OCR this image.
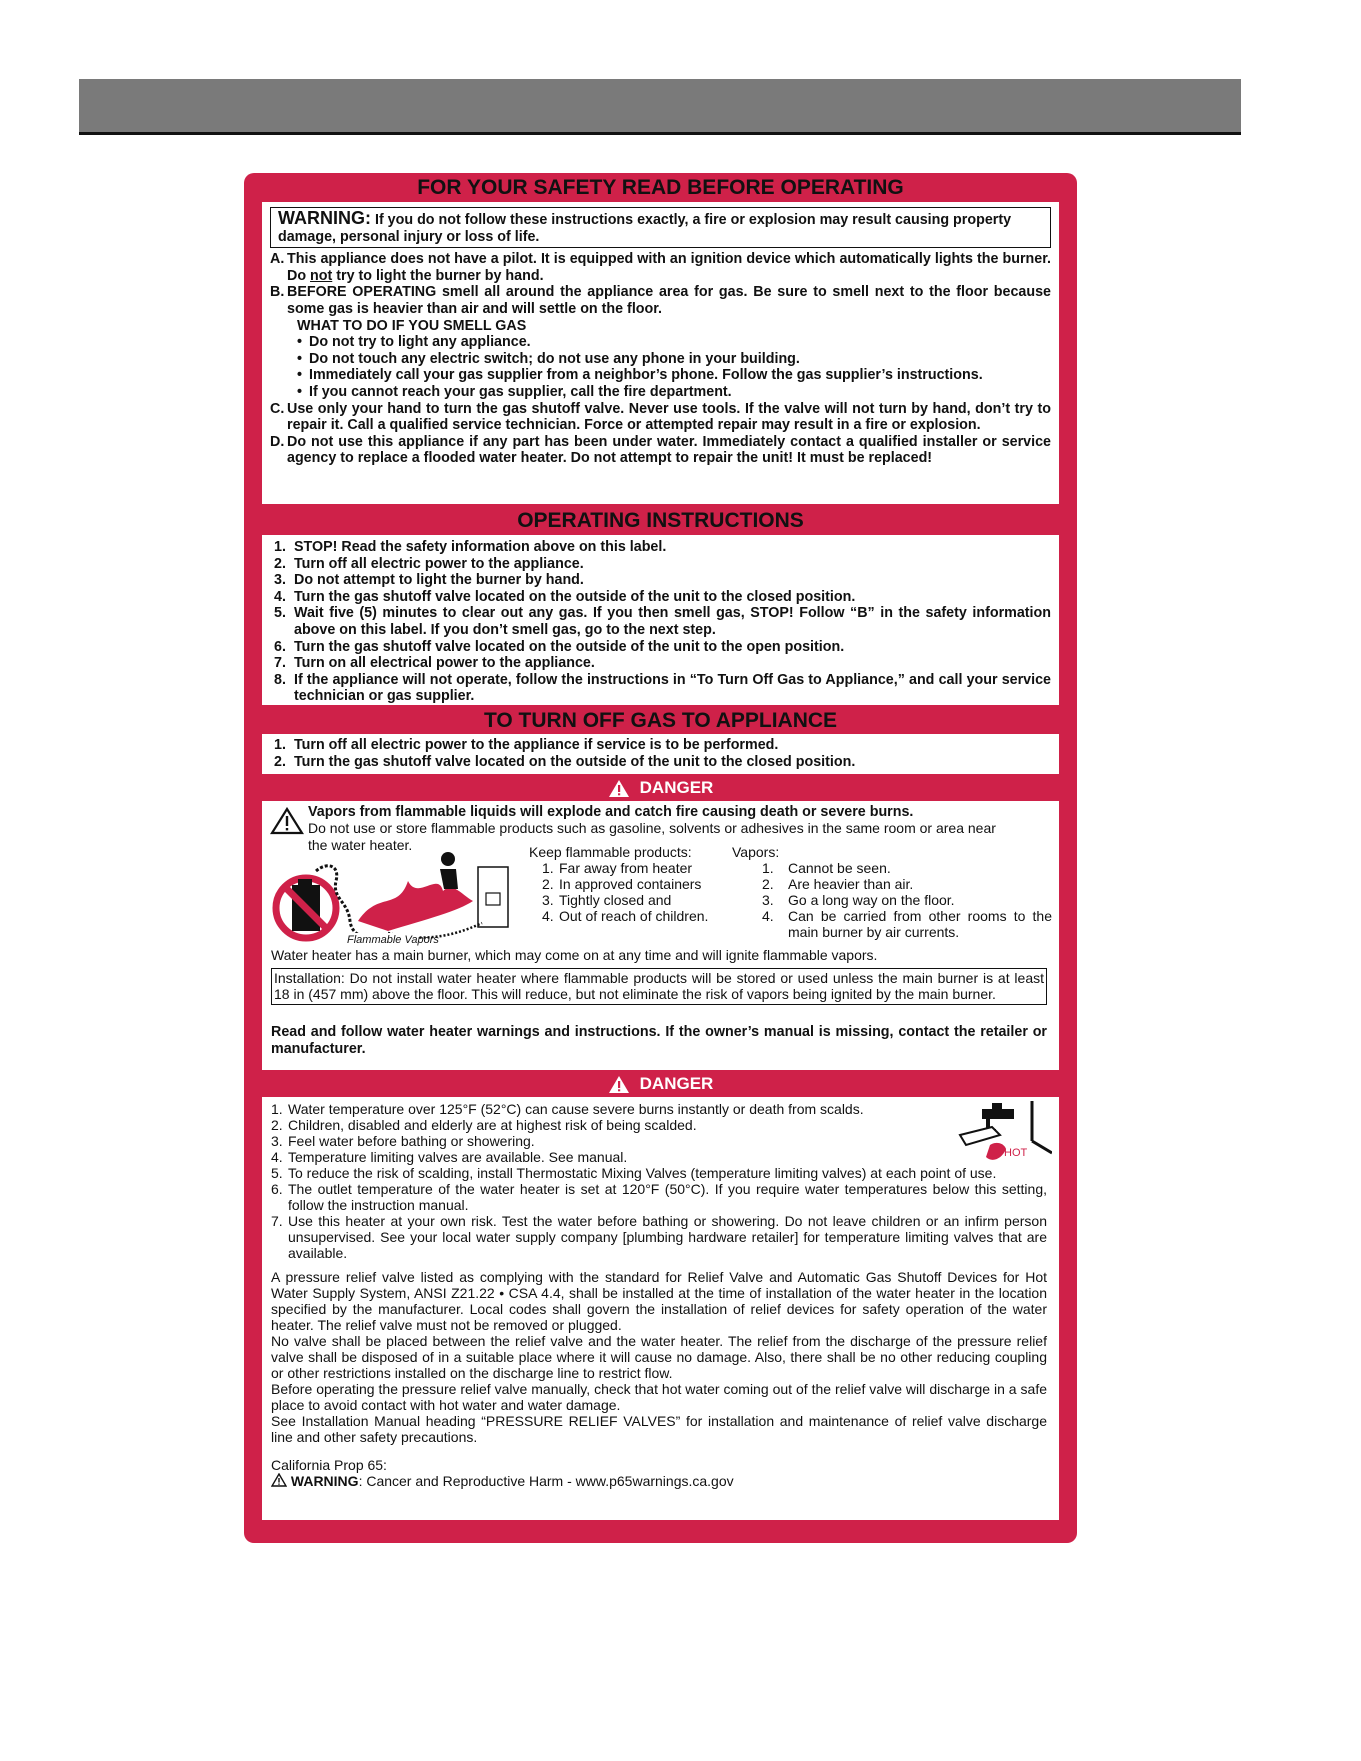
FOR YOUR SAFETY READ BEFORE OPERATING
WARNING: If you do not follow these instructions exactly, a fire or explosion may result causing property damage, personal injury or loss of life.
A. This appliance does not have a pilot. It is equipped with an ignition device which automatically lights the burner. Do not try to light the burner by hand.
B. BEFORE OPERATING smell all around the appliance area for gas. Be sure to smell next to the floor because some gas is heavier than air and will settle on the floor.
WHAT TO DO IF YOU SMELL GAS
• Do not try to light any appliance.
• Do not touch any electric switch; do not use any phone in your building.
• Immediately call your gas supplier from a neighbor’s phone. Follow the gas supplier’s instructions.
• If you cannot reach your gas supplier, call the fire department.
C. Use only your hand to turn the gas shutoff valve. Never use tools. If the valve will not turn by hand, don’t try to repair it. Call a qualified service technician. Force or attempted repair may result in a fire or explosion.
D. Do not use this appliance if any part has been under water. Immediately contact a qualified installer or service agency to replace a flooded water heater. Do not attempt to repair the unit! It must be replaced!
OPERATING INSTRUCTIONS
1. STOP! Read the safety information above on this label.
2. Turn off all electric power to the appliance.
3. Do not attempt to light the burner by hand.
4. Turn the gas shutoff valve located on the outside of the unit to the closed position.
5. Wait five (5) minutes to clear out any gas. If you then smell gas, STOP! Follow “B” in the safety information above on this label. If you don’t smell gas, go to the next step.
6. Turn the gas shutoff valve located on the outside of the unit to the open position.
7. Turn on all electrical power to the appliance.
8. If the appliance will not operate, follow the instructions in “To Turn Off Gas to Appliance,” and call your service technician or gas supplier.
TO TURN OFF GAS TO APPLIANCE
1. Turn off all electric power to the appliance if service is to be performed.
2. Turn the gas shutoff valve located on the outside of the unit to the closed position.
DANGER
Vapors from flammable liquids will explode and catch fire causing death or severe burns.
Do not use or store flammable products such as gasoline, solvents or adhesives in the same room or area near the water heater.
Flammable Vapors
Keep flammable products:
1. Far away from heater
2. In approved containers
3. Tightly closed and
4. Out of reach of children.
Vapors:
1. Cannot be seen.
2. Are heavier than air.
3. Go a long way on the floor.
4. Can be carried from other rooms to the main burner by air currents.
Water heater has a main burner, which may come on at any time and will ignite flammable vapors.
Installation: Do not install water heater where flammable products will be stored or used unless the main burner is at least 18 in (457 mm) above the floor. This will reduce, but not eliminate the risk of vapors being ignited by the main burner.
Read and follow water heater warnings and instructions. If the owner’s manual is missing, contact the retailer or manufacturer.
DANGER
HOT
1. Water temperature over 125°F (52°C) can cause severe burns instantly or death from scalds.
2. Children, disabled and elderly are at highest risk of being scalded.
3. Feel water before bathing or showering.
4. Temperature limiting valves are available. See manual.
5. To reduce the risk of scalding, install Thermostatic Mixing Valves (temperature limiting valves) at each point of use.
6. The outlet temperature of the water heater is set at 120°F (50°C). If you require water temperatures below this setting, follow the instruction manual.
7. Use this heater at your own risk. Test the water before bathing or showering. Do not leave children or an infirm person unsupervised. See your local water supply company [plumbing hardware retailer] for temperature limiting valves that are available.
A pressure relief valve listed as complying with the standard for Relief Valve and Automatic Gas Shutoff Devices for Hot Water Supply System, ANSI Z21.22 • CSA 4.4, shall be installed at the time of installation of the water heater in the location specified by the manufacturer. Local codes shall govern the installation of relief devices for safety operation of the water heater. The relief valve must not be removed or plugged.
No valve shall be placed between the relief valve and the water heater. The relief from the discharge of the pressure relief valve shall be disposed of in a suitable place where it will cause no damage. Also, there shall be no other reducing coupling or other restrictions installed on the discharge line to restrict flow.
Before operating the pressure relief valve manually, check that hot water coming out of the relief valve will discharge in a safe place to avoid contact with hot water and water damage.
See Installation Manual heading “PRESSURE RELIEF VALVES” for installation and maintenance of relief valve discharge line and other safety precautions.
California Prop 65:
WARNING: Cancer and Reproductive Harm - www.p65warnings.ca.gov
